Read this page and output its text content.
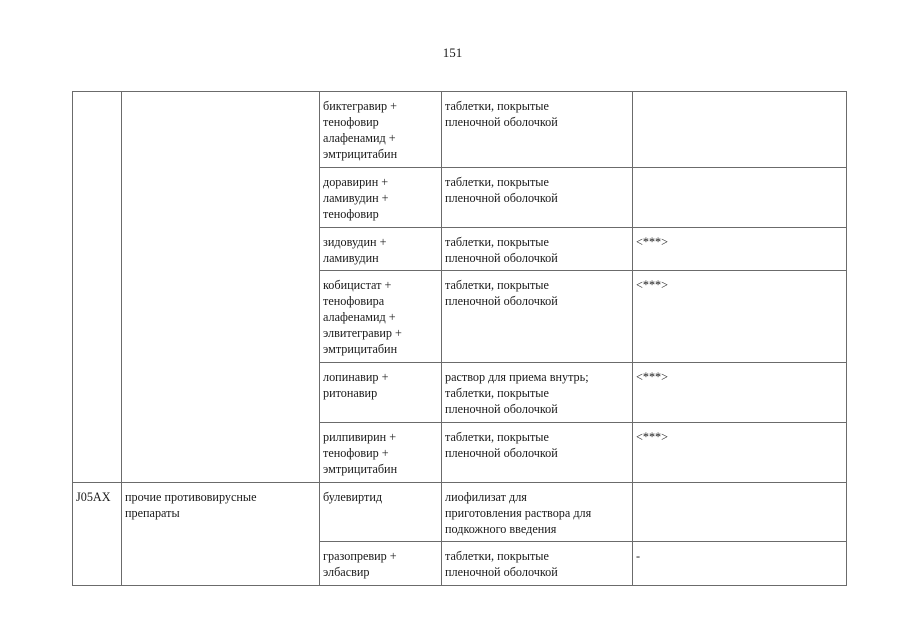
151
		биктегравир +
тенофовир
алафенамид +
эмтрицитабин	таблетки, покрытые
пленочной оболочкой	
		доравирин +
ламивудин +
тенофовир	таблетки, покрытые
пленочной оболочкой	
		зидовудин +
ламивудин	таблетки, покрытые
пленочной оболочкой	<***>
		кобицистат +
тенофовира
алафенамид +
элвитегравир +
эмтрицитабин	таблетки, покрытые
пленочной оболочкой	<***>
		лопинавир +
ритонавир	раствор для приема внутрь;
таблетки, покрытые
пленочной оболочкой	<***>
		рилпивирин +
тенофовир +
эмтрицитабин	таблетки, покрытые
пленочной оболочкой	<***>
J05AX	прочие противовирусные
препараты	булевиртид	лиофилизат для
приготовления раствора для
подкожного введения	
		гразопревир +
элбасвир	таблетки, покрытые
пленочной оболочкой	-
